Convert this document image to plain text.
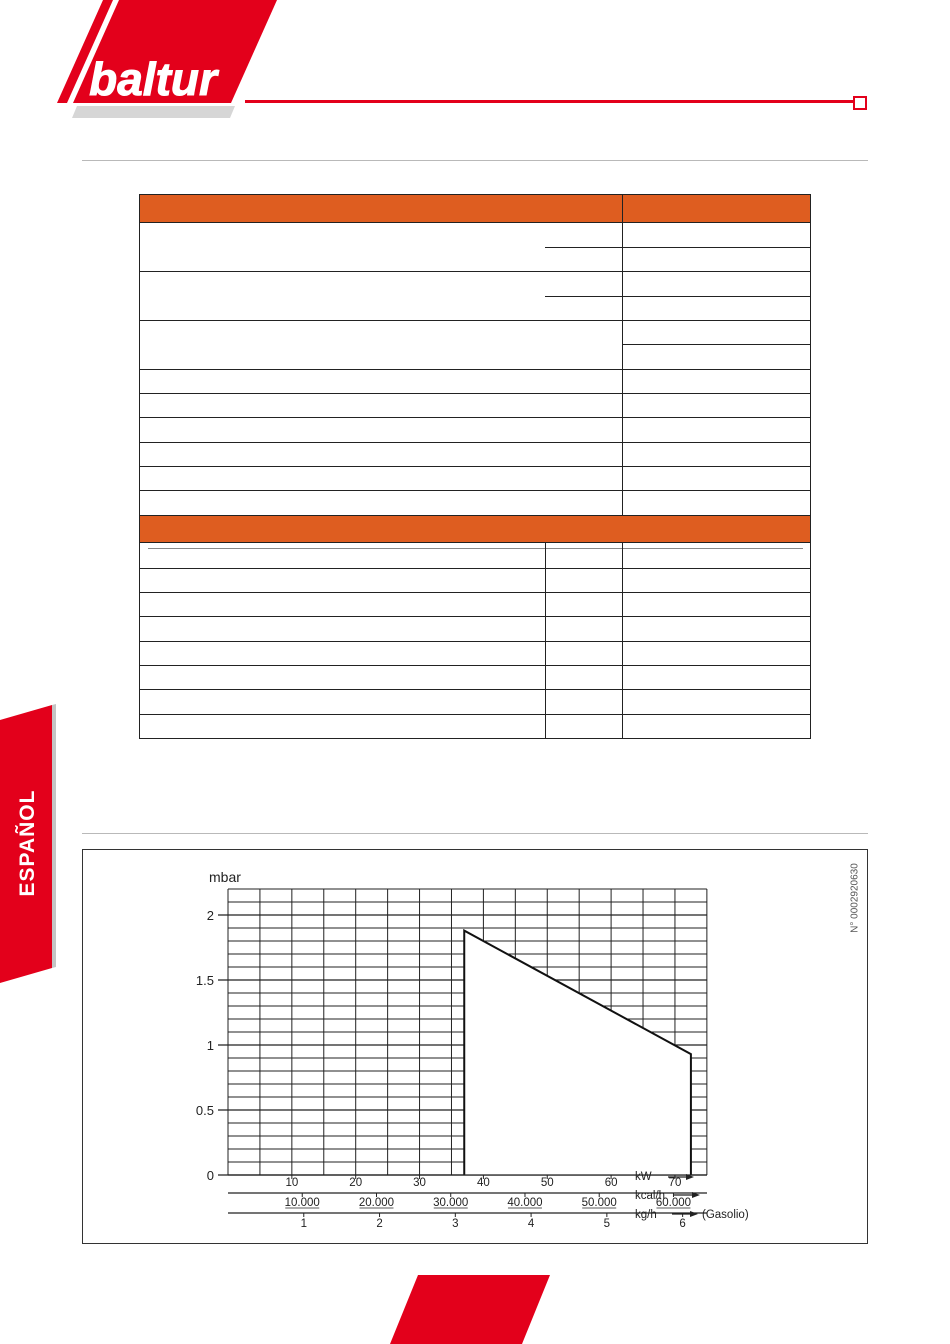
baltur
ESPAÑOL
N° 0002920630
10	20	30	40	50	60	70
kW
10.000	20.000	30.000	40.000	50.000	60.000
kcal/h
1	2	3	4	5	6
kg/h	(Gasolio)
mbar
0
0.5
1
1.5
2
